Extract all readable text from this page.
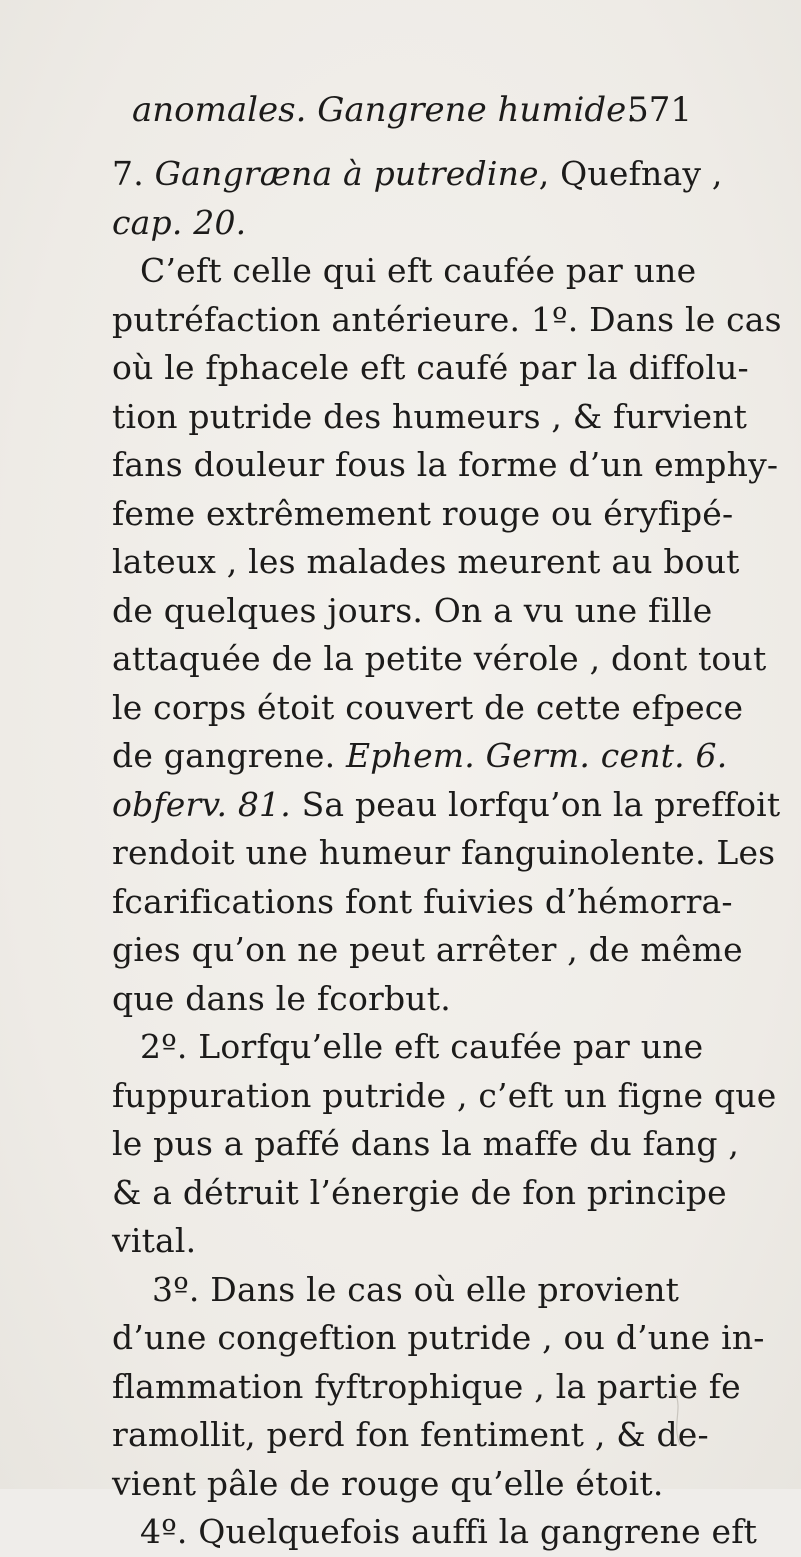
anomales. Gangrene humide.
571
7. Gangræna à putredine, Quefnay ,
cap. 20.
C’eft celle qui eft caufée par une
putréfaction antérieure. 1º. Dans le cas
où le fphacele eft caufé par la diffolu-
tion putride des humeurs , & furvient
fans douleur fous la forme d’un emphy-
feme extrêmement rouge ou éryfipé-
lateux , les malades meurent au bout
de quelques jours. On a vu une fille
attaquée de la petite vérole , dont tout
le corps étoit couvert de cette efpece
de gangrene. Ephem. Germ. cent. 6.
obferv. 81. Sa peau lorfqu’on la preffoit
rendoit une humeur fanguinolente. Les
fcarifications font fuivies d’hémorra-
gies qu’on ne peut arrêter , de même
que dans le fcorbut.
2º. Lorfqu’elle eft caufée par une
fuppuration putride , c’eft un figne que
le pus a paffé dans la maffe du fang ,
& a détruit l’énergie de fon principe
vital.
3º. Dans le cas où elle provient
d’une congeftion putride , ou d’une in-
flammation fyftrophique , la partie fe
ramollit, perd fon fentiment , & de-
vient pâle de rouge qu’elle étoit.
4º. Quelquefois auffi la gangrene eft
